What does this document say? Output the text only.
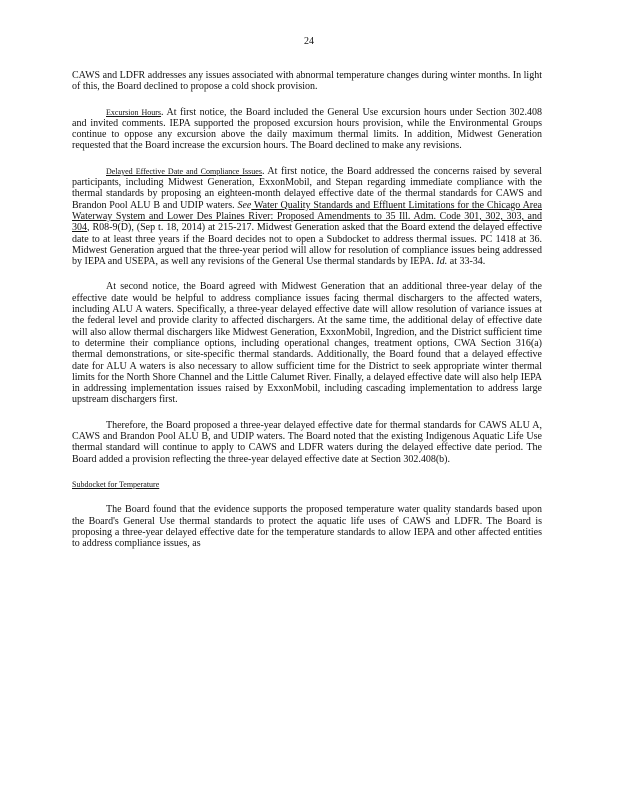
24

CAWS and LDFR addresses any issues associated with abnormal temperature changes during winter months. In light of this, the Board declined to propose a cold shock provision.

Excursion Hours. At first notice, the Board included the General Use excursion hours under Section 302.408 and invited comments. IEPA supported the proposed excursion hours provision, while the Environmental Groups continue to oppose any excursion above the daily maximum thermal limits. In addition, Midwest Generation requested that the Board increase the excursion hours. The Board declined to make any revisions.

Delayed Effective Date and Compliance Issues. At first notice, the Board addressed the concerns raised by several participants, including Midwest Generation, ExxonMobil, and Stepan regarding immediate compliance with the thermal standards by proposing an eighteen-month delayed effective date of the thermal standards for CAWS and Brandon Pool ALU B and UDIP waters. See Water Quality Standards and Effluent Limitations for the Chicago Area Waterway System and Lower Des Plaines River: Proposed Amendments to 35 Ill. Adm. Code 301, 302, 303, and 304, R08-9(D), (Sep t. 18, 2014) at 215-217. Midwest Generation asked that the Board extend the delayed effective date to at least three years if the Board decides not to open a Subdocket to address thermal issues. PC 1418 at 36. Midwest Generation argued that the three-year period will allow for resolution of compliance issues being addressed by IEPA and USEPA, as well any revisions of the General Use thermal standards by IEPA. Id. at 33-34.

At second notice, the Board agreed with Midwest Generation that an additional three-year delay of the effective date would be helpful to address compliance issues facing thermal dischargers to the affected waters, including ALU A waters. Specifically, a three-year delayed effective date will allow resolution of variance issues at the federal level and provide clarity to affected dischargers. At the same time, the additional delay of effective date will also allow thermal dischargers like Midwest Generation, ExxonMobil, Ingredion, and the District sufficient time to determine their compliance options, including operational changes, treatment options, CWA Section 316(a) thermal demonstrations, or site-specific thermal standards. Additionally, the Board found that a delayed effective date for ALU A waters is also necessary to allow sufficient time for the District to seek appropriate winter thermal limits for the North Shore Channel and the Little Calumet River. Finally, a delayed effective date will also help IEPA in addressing implementation issues raised by ExxonMobil, including cascading implementation to address large upstream dischargers first.

Therefore, the Board proposed a three-year delayed effective date for thermal standards for CAWS ALU A, CAWS and Brandon Pool ALU B, and UDIP waters. The Board noted that the existing Indigenous Aquatic Life Use thermal standard will continue to apply to CAWS and LDFR waters during the delayed effective date period. The Board added a provision reflecting the three-year delayed effective date at Section 302.408(b).

Subdocket for Temperature

The Board found that the evidence supports the proposed temperature water quality standards based upon the Board's General Use thermal standards to protect the aquatic life uses of CAWS and LDFR. The Board is proposing a three-year delayed effective date for the temperature standards to allow IEPA and other affected entities to address compliance issues, as
